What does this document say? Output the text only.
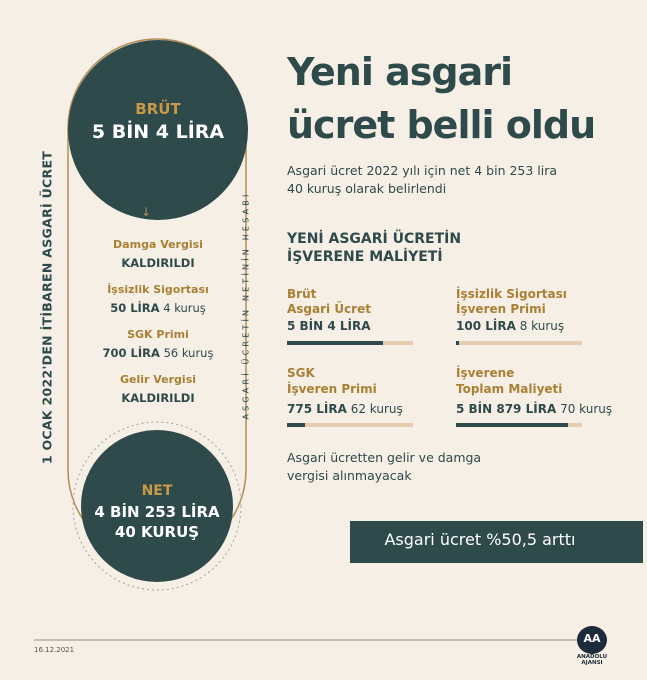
1 OCAK 2022'DEN İTİBAREN ASGARİ ÜCRET	ASGARİ ÜCRETİN NETİNİN HESABI
BRÜT
5 BİN 4 LİRA
↓
Damga Vergisi
KALDIRILDI
İşsizlik Sigortası
50 LİRA 4 kuruş
SGK Primi
700 LİRA 56 kuruş
Gelir Vergisi
KALDIRILDI
NET
4 BİN 253 LİRA
40 KURUŞ
Yeni asgari
ücret belli oldu
Asgari ücret 2022 yılı için net 4 bin 253 lira
40 kuruş olarak belirlendi
YENİ ASGARİ ÜCRETİN
İŞVERENE MALİYETİ
Brüt
Asgari Ücret
5 BİN 4 LİRA
İşsizlik Sigortası
İşveren Primi
100 LİRA 8 kuruş
SGK
İşveren Primi
775 LİRA 62 kuruş
İşverene
Toplam Maliyeti
5 BİN 879 LİRA 70 kuruş
Asgari ücretten gelir ve damga
vergisi alınmayacak
Asgari ücret %50,5 arttı
16.12.2021
AA
ANADOLU AJANSI
